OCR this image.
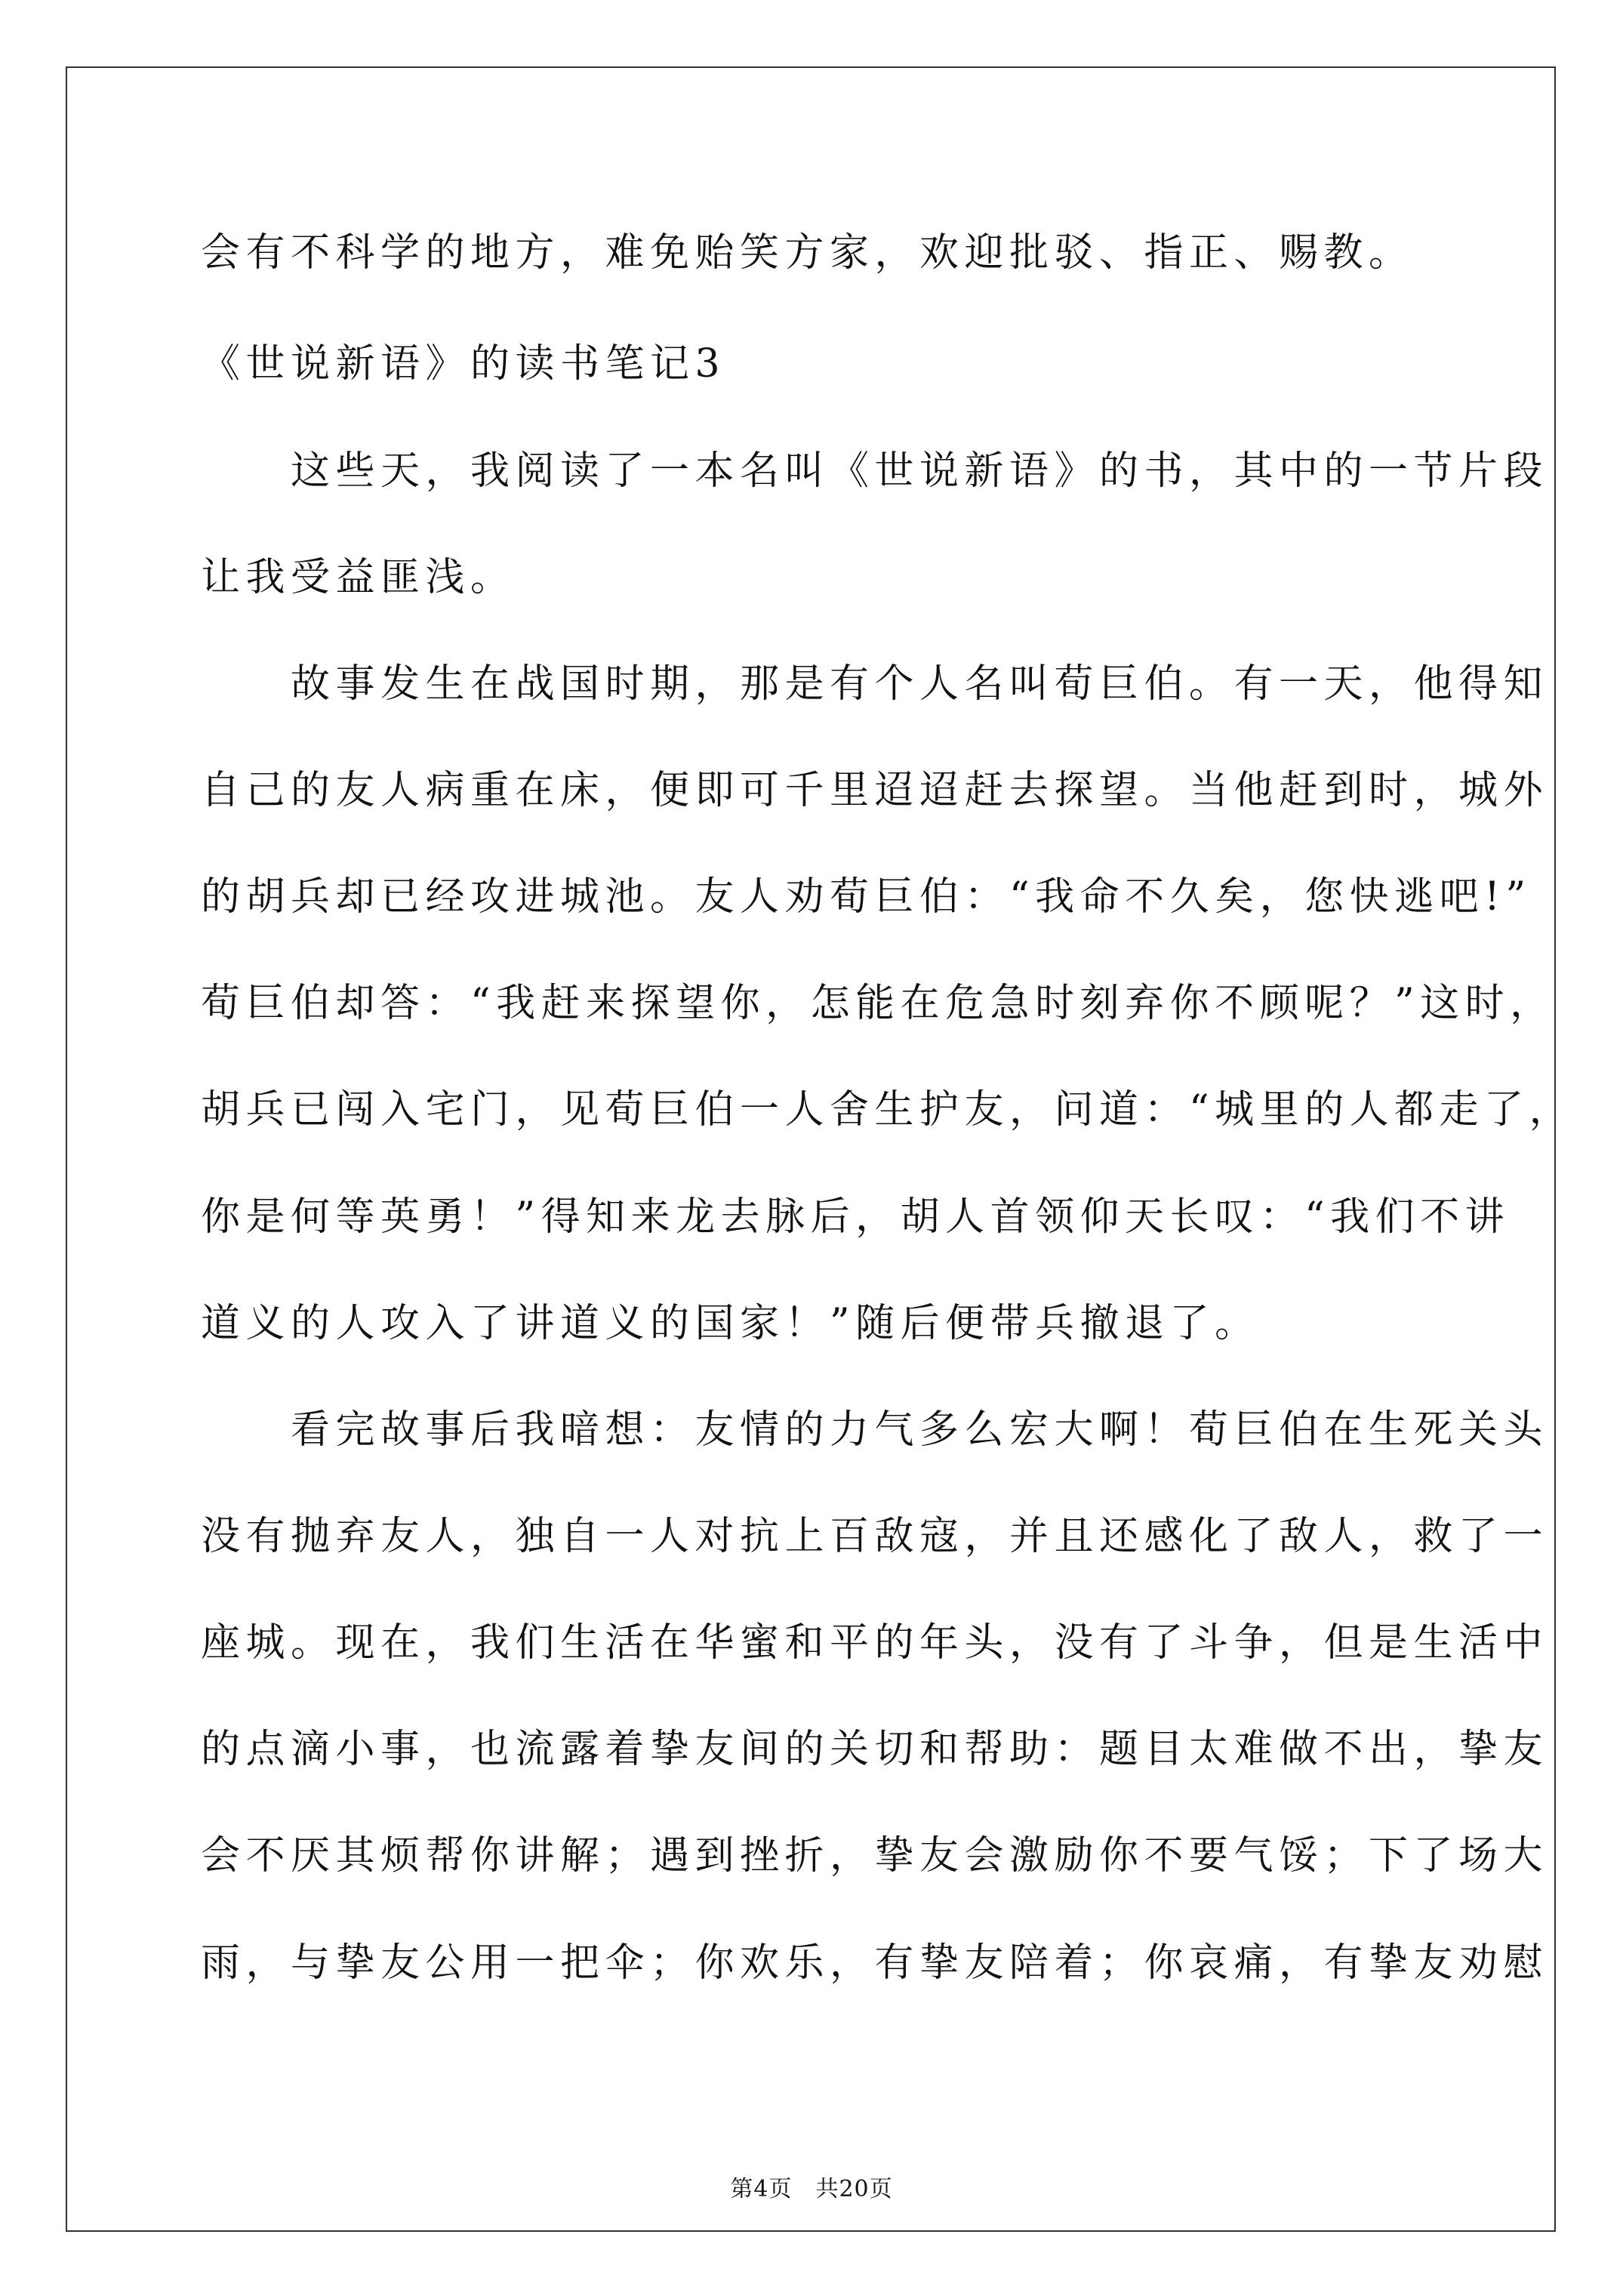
会有不科学的地方，难免贻笑方家，欢迎批驳、指正、赐教。
《世说新语》的读书笔记3
　　这些天，我阅读了一本名叫《世说新语》的书，其中的一节片段
让我受益匪浅。
　　故事发生在战国时期，那是有个人名叫荀巨伯。有一天，他得知
自己的友人病重在床，便即可千里迢迢赶去探望。当他赶到时，城外
的胡兵却已经攻进城池。友人劝荀巨伯：“我命不久矣，您快逃吧!”
荀巨伯却答：“我赶来探望你，怎能在危急时刻弃你不顾呢？”这时，
胡兵已闯入宅门，见荀巨伯一人舍生护友，问道：“城里的人都走了，
你是何等英勇！”得知来龙去脉后，胡人首领仰天长叹：“我们不讲
道义的人攻入了讲道义的国家！”随后便带兵撤退了。
　　看完故事后我暗想：友情的力气多么宏大啊！荀巨伯在生死关头
没有抛弃友人，独自一人对抗上百敌寇，并且还感化了敌人，救了一
座城。现在，我们生活在华蜜和平的年头，没有了斗争，但是生活中
的点滴小事，也流露着挚友间的关切和帮助：题目太难做不出，挚友
会不厌其烦帮你讲解；遇到挫折，挚友会激励你不要气馁；下了场大
雨，与挚友公用一把伞；你欢乐，有挚友陪着；你哀痛，有挚友劝慰
第4页　共20页
